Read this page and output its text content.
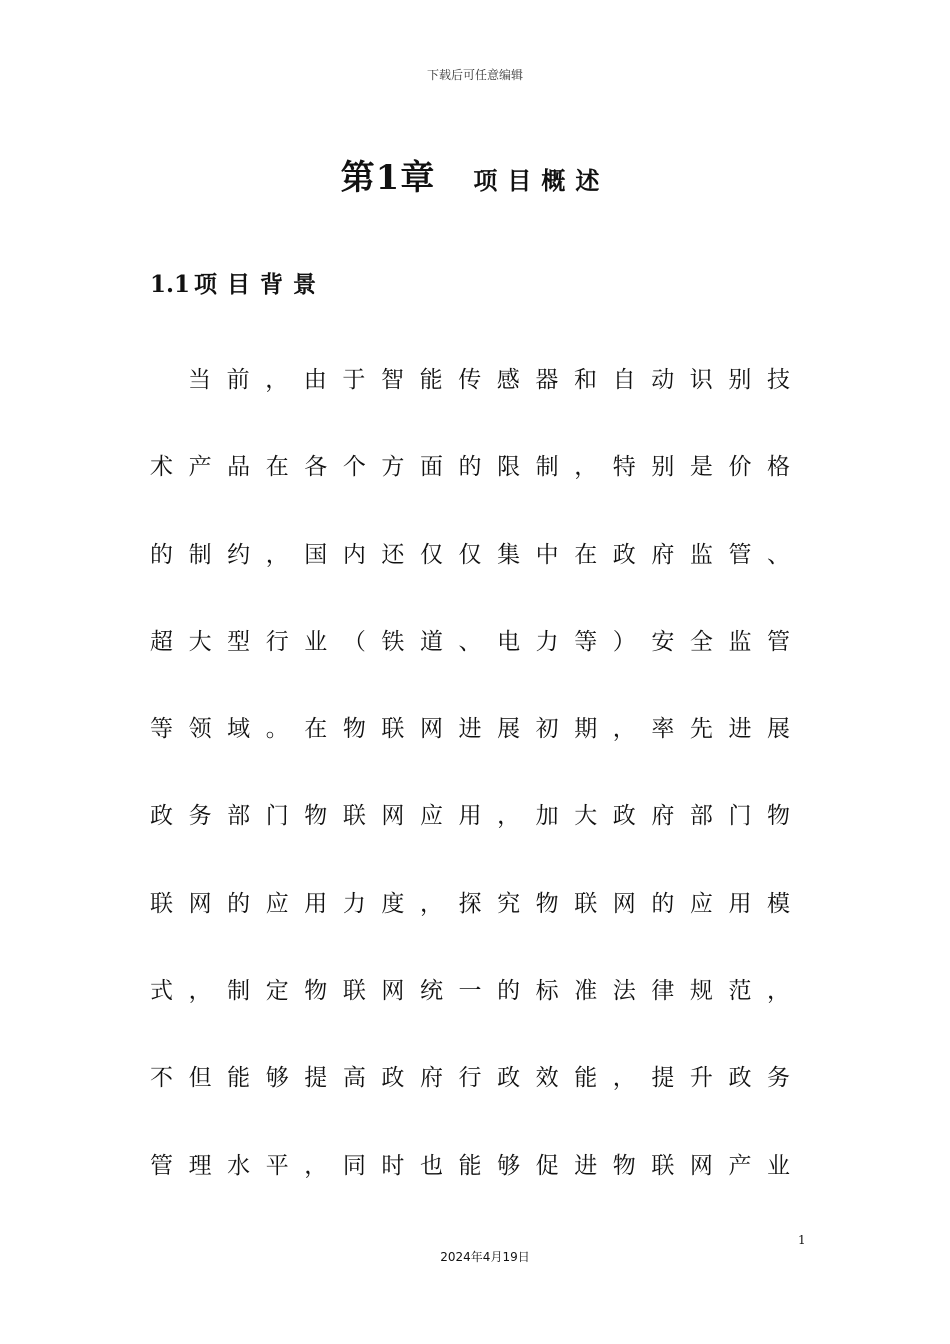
下载后可任意编辑
第1章 项目概述
1.1 项目背景
当前，由于智能传感器和自动识别技
术产品在各个方面的限制，特别是价格
的制约，国内还仅仅集中在政府监管、
超大型行业（铁道、电力等）安全监管
等领域。在物联网进展初期，率先进展
政务部门物联网应用，加大政府部门物
联网的应用力度，探究物联网的应用模
式，制定物联网统一的标准法律规范，
不但能够提高政府行政效能，提升政务
管理水平，同时也能够促进物联网产业
1
2024年4月19日
